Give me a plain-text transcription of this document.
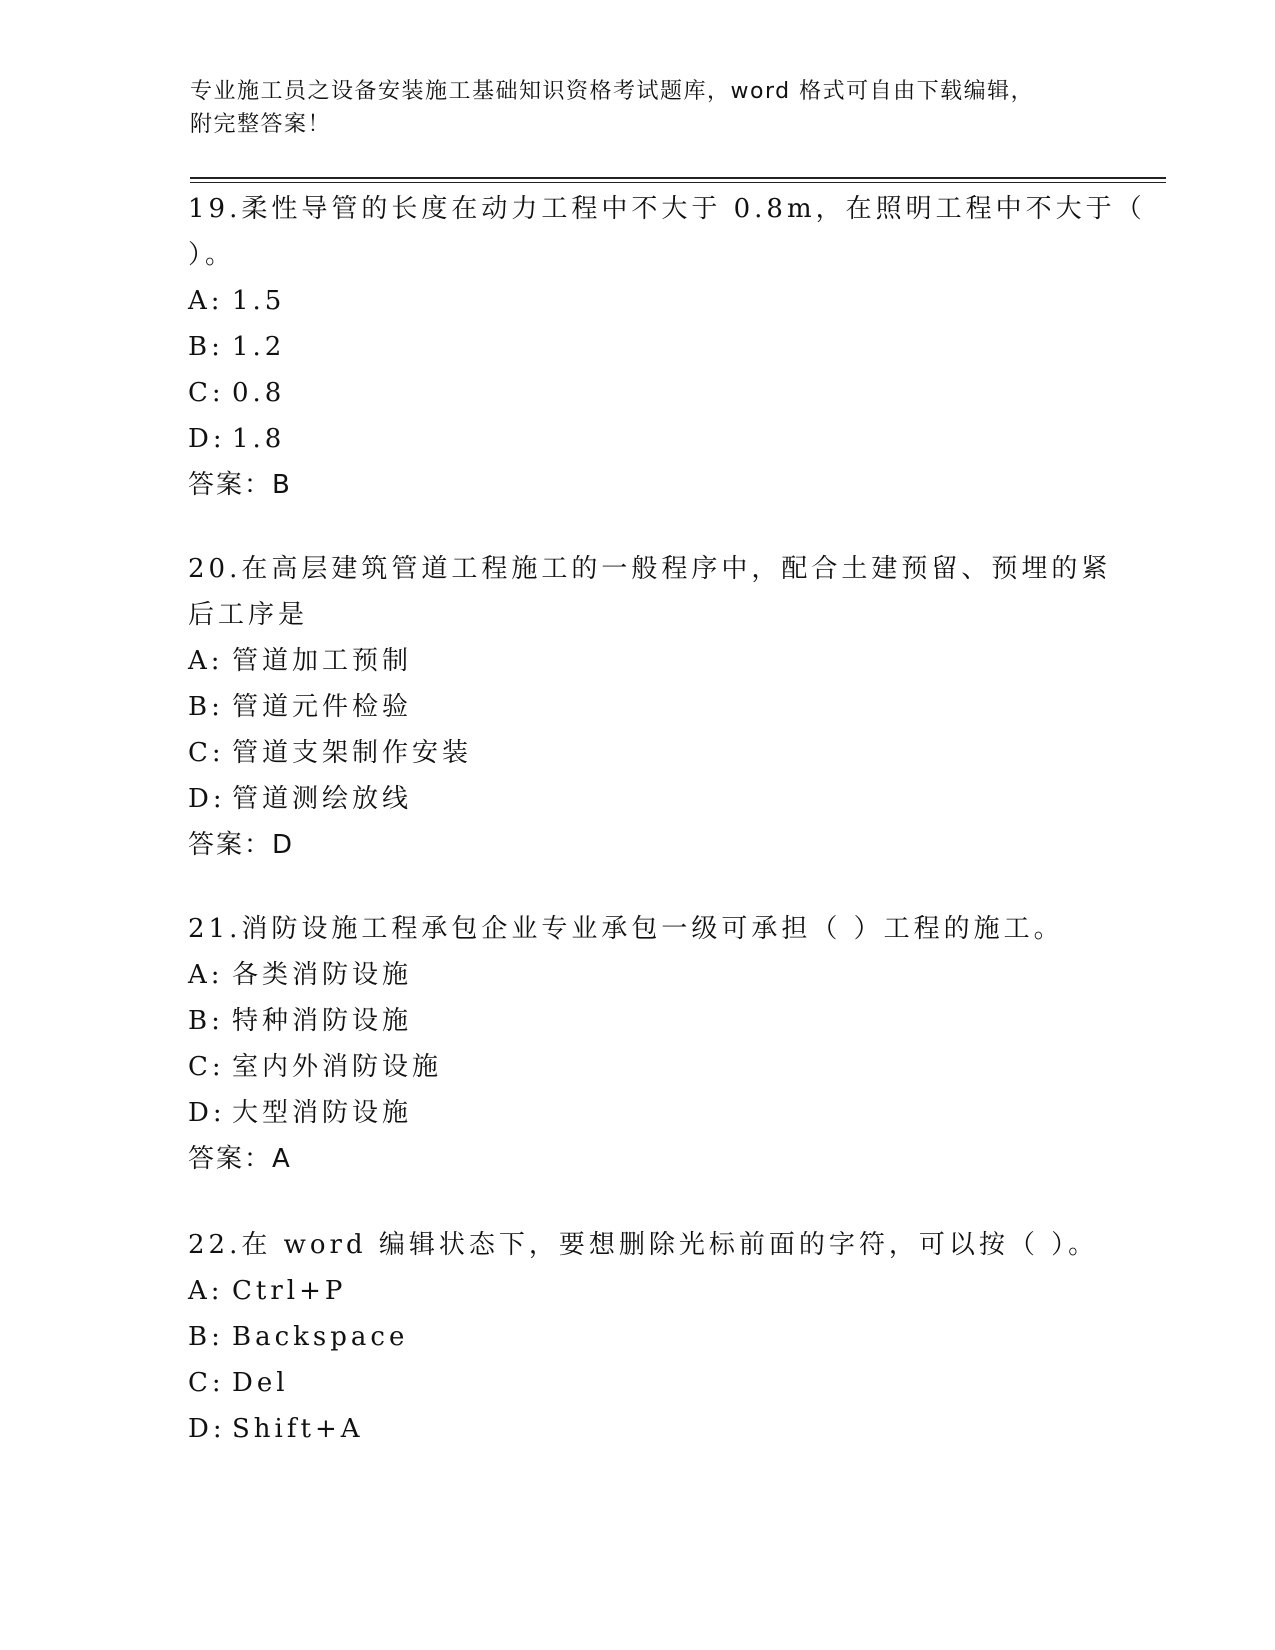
专业施工员之设备安装施工基础知识资格考试题库，word 格式可自由下载编辑，
附完整答案！
19.柔性导管的长度在动力工程中不大于 0.8m，在照明工程中不大于（
）。
A: 1.5
B: 1.2
C: 0.8
D: 1.8
答案：B
20.在高层建筑管道工程施工的一般程序中，配合土建预留、预埋的紧
后工序是
A: 管道加工预制
B: 管道元件检验
C: 管道支架制作安装
D: 管道测绘放线
答案：D
21.消防设施工程承包企业专业承包一级可承担（ ）工程的施工。
A: 各类消防设施
B: 特种消防设施
C: 室内外消防设施
D: 大型消防设施
答案：A
22.在 word 编辑状态下，要想删除光标前面的字符，可以按（ ）。
A: Ctrl+P
B: Backspace
C: Del
D: Shift+A
